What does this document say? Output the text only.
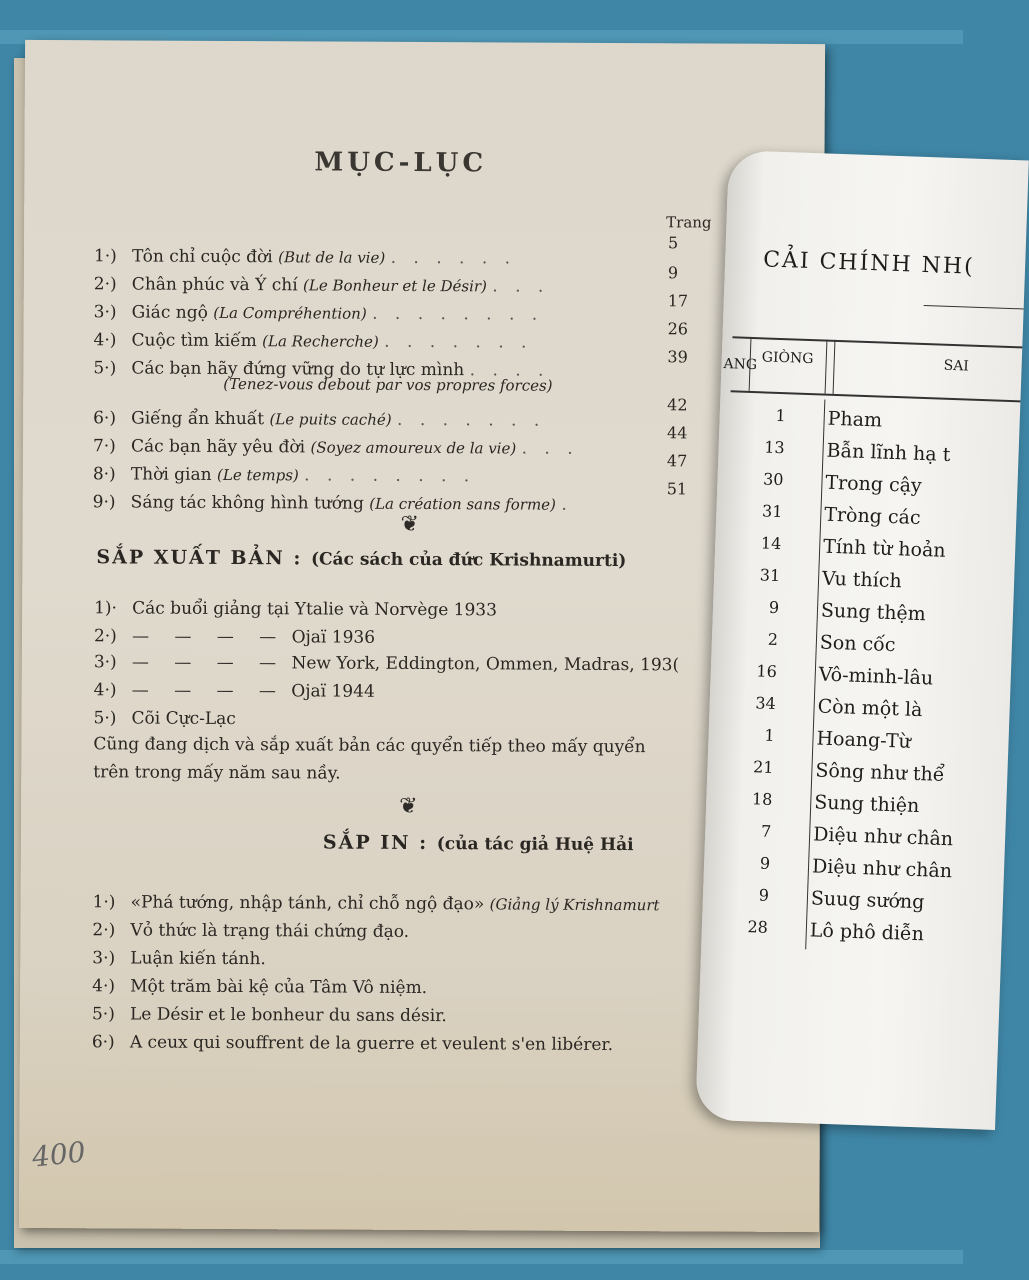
MỤC-LỤC
Trang
1·) Tôn chỉ cuộc đời (But de la vie) . . . . . .
5
2·) Chân phúc và Ý chí (Le Bonheur et le Désir) . . .
9
3·) Giác ngộ (La Compréhention) . . . . . . . .
17
4·) Cuộc tìm kiếm (La Recherche) . . . . . . .
26
5·) Các bạn hãy đứng vững do tự lực mình . . . .
39
(Tenez-vous debout par vos propres forces)
6·) Giếng ẩn khuất (Le puits caché) . . . . . . .
42
7·) Các bạn hãy yêu đời (Soyez amoureux de la vie) . . .
44
8·) Thời gian (Le temps) . . . . . . . .
47
9·) Sáng tác không hình tướng (La création sans forme) .
51
❦
SẮP XUẤT BẢN : (Các sách của đức Krishnamurti)
1)· Các buổi giảng tại Ytalie và Norvège 1933
2·) — — — — Ojaï 1936
3·) — — — — New York, Eddington, Ommen, Madras, 193(
4·) — — — — Ojaï 1944
5·) Cõi Cực-Lạc
Cũng đang dịch và sắp xuất bản các quyển tiếp theo mấy quyển
trên trong mấy năm sau nầy.
❦
SẮP IN : (của tác giả Huệ Hải
1·) «Phá tướng, nhập tánh, chỉ chỗ ngộ đạo» (Giảng lý Krishnamurt
2·) Vỏ thức là trạng thái chứng đạo.
3·) Luận kiến tánh.
4·) Một trăm bài kệ của Tâm Vô niệm.
5·) Le Désir et le bonheur du sans désir.
6·) A ceux qui souffrent de la guerre et veulent s'en libérer.
400
CẢI CHÍNH NH(
ANG GIÒNG	SAI
1 Pham
13 Bẫn lĩnh hạ t
30 Trong cậy
31 Tròng các
14 Tính từ hoản
31 Vu thích
9 Sung thệm
2 Son cốc
16 Vô-minh-lâu
34 Còn một là
1 Hoang-Từ
21 Sông như thể
18 Sung thiện
7 Diệu như chân
9 Diệu như chân
9 Suug sướng
28 Lô phô diễn
